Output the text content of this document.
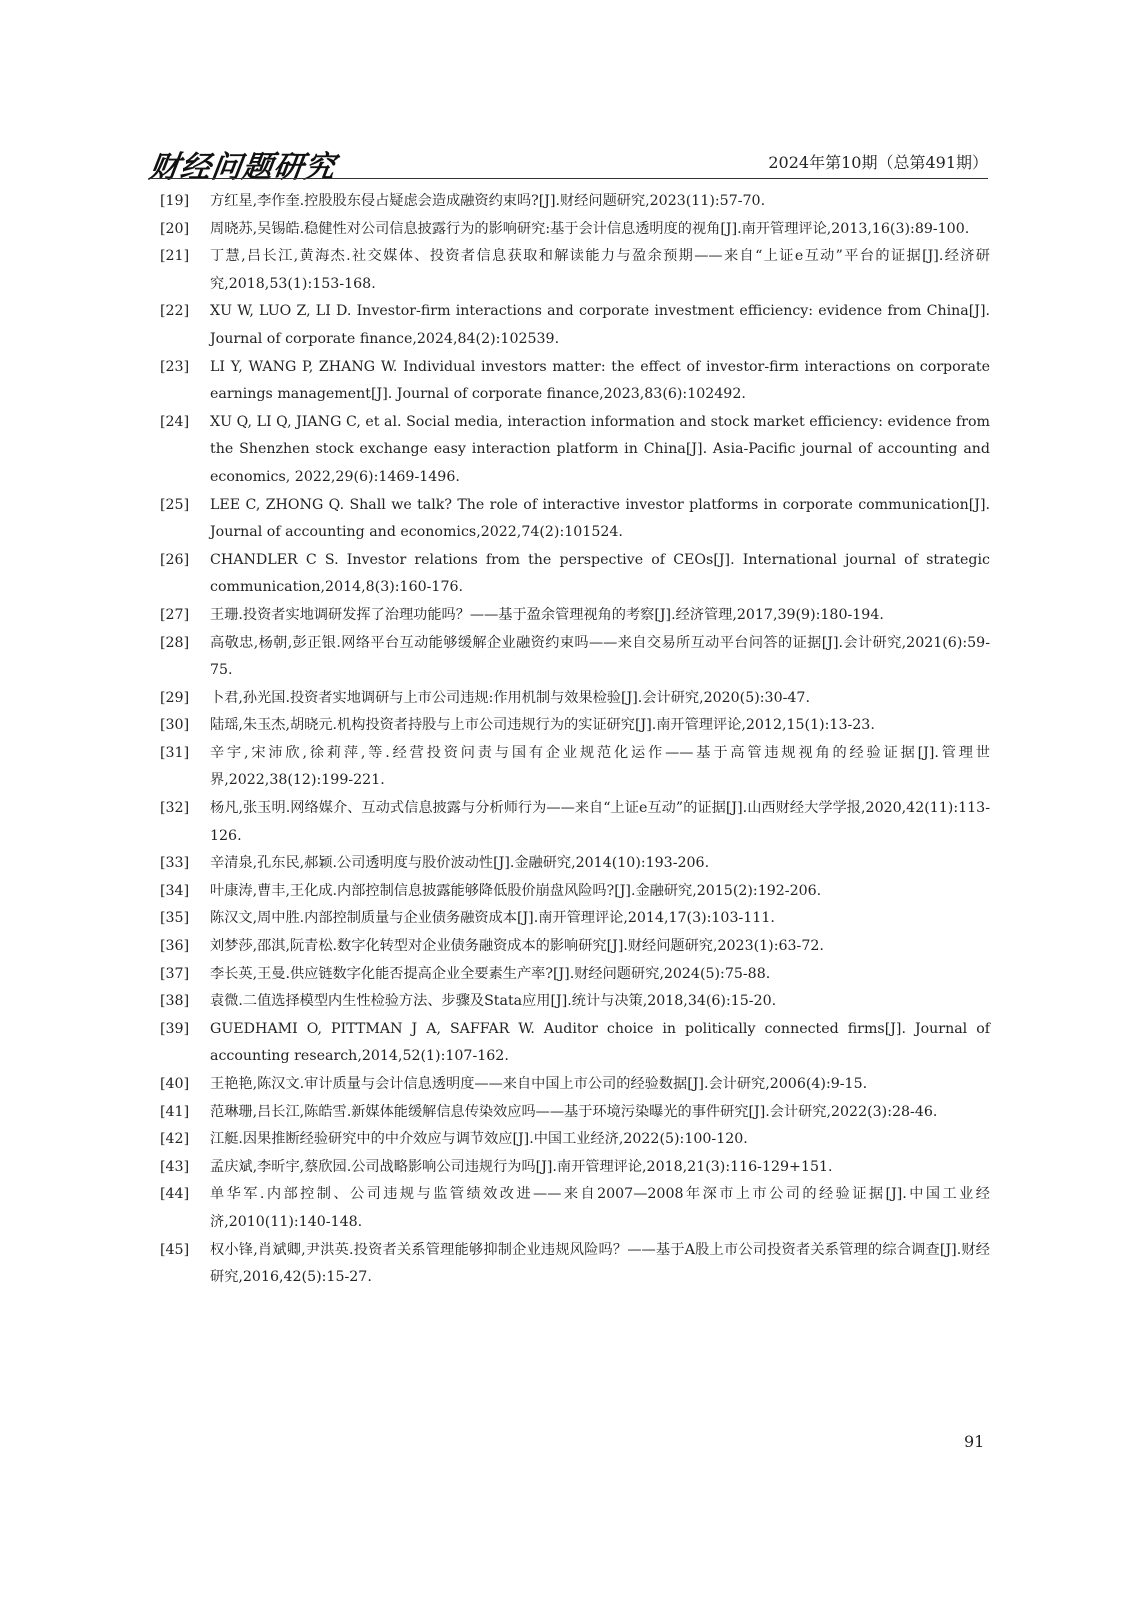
财经问题研究	2024年第10期（总第491期）
[19] 方红星,李作奎.控股股东侵占疑虑会造成融资约束吗?[J].财经问题研究,2023(11):57-70.
[20] 周晓苏,吴锡皓.稳健性对公司信息披露行为的影响研究:基于会计信息透明度的视角[J].南开管理评论,2013,16(3):89-100.
[21] 丁慧,吕长江,黄海杰.社交媒体、投资者信息获取和解读能力与盈余预期——来自“上证e互动”平台的证据[J].经济研究,2018,53(1):153-168.
[22] XU W, LUO Z, LI D. Investor-firm interactions and corporate investment efficiency: evidence from China[J]. Journal of corporate finance,2024,84(2):102539.
[23] LI Y, WANG P, ZHANG W. Individual investors matter: the effect of investor-firm interactions on corporate earnings management[J]. Journal of corporate finance,2023,83(6):102492.
[24] XU Q, LI Q, JIANG C, et al. Social media, interaction information and stock market efficiency: evidence from the Shenzhen stock exchange easy interaction platform in China[J]. Asia-Pacific journal of accounting and economics, 2022,29(6):1469-1496.
[25] LEE C, ZHONG Q. Shall we talk? The role of interactive investor platforms in corporate communication[J]. Journal of accounting and economics,2022,74(2):101524.
[26] CHANDLER C S. Investor relations from the perspective of CEOs[J]. International journal of strategic communication,2014,8(3):160-176.
[27] 王珊.投资者实地调研发挥了治理功能吗？——基于盈余管理视角的考察[J].经济管理,2017,39(9):180-194.
[28] 高敬忠,杨朝,彭正银.网络平台互动能够缓解企业融资约束吗——来自交易所互动平台问答的证据[J].会计研究,2021(6):59-75.
[29] 卜君,孙光国.投资者实地调研与上市公司违规:作用机制与效果检验[J].会计研究,2020(5):30-47.
[30] 陆瑶,朱玉杰,胡晓元.机构投资者持股与上市公司违规行为的实证研究[J].南开管理评论,2012,15(1):13-23.
[31] 辛宇,宋沛欣,徐莉萍,等.经营投资问责与国有企业规范化运作——基于高管违规视角的经验证据[J].管理世界,2022,38(12):199-221.
[32] 杨凡,张玉明.网络媒介、互动式信息披露与分析师行为——来自“上证e互动”的证据[J].山西财经大学学报,2020,42(11):113-126.
[33] 辛清泉,孔东民,郝颖.公司透明度与股价波动性[J].金融研究,2014(10):193-206.
[34] 叶康涛,曹丰,王化成.内部控制信息披露能够降低股价崩盘风险吗?[J].金融研究,2015(2):192-206.
[35] 陈汉文,周中胜.内部控制质量与企业债务融资成本[J].南开管理评论,2014,17(3):103-111.
[36] 刘梦莎,邵淇,阮青松.数字化转型对企业债务融资成本的影响研究[J].财经问题研究,2023(1):63-72.
[37] 李长英,王曼.供应链数字化能否提高企业全要素生产率?[J].财经问题研究,2024(5):75-88.
[38] 袁微.二值选择模型内生性检验方法、步骤及Stata应用[J].统计与决策,2018,34(6):15-20.
[39] GUEDHAMI O, PITTMAN J A, SAFFAR W. Auditor choice in politically connected firms[J]. Journal of accounting research,2014,52(1):107-162.
[40] 王艳艳,陈汉文.审计质量与会计信息透明度——来自中国上市公司的经验数据[J].会计研究,2006(4):9-15.
[41] 范琳珊,吕长江,陈皓雪.新媒体能缓解信息传染效应吗——基于环境污染曝光的事件研究[J].会计研究,2022(3):28-46.
[42] 江艇.因果推断经验研究中的中介效应与调节效应[J].中国工业经济,2022(5):100-120.
[43] 孟庆斌,李昕宇,蔡欣园.公司战略影响公司违规行为吗[J].南开管理评论,2018,21(3):116-129+151.
[44] 单华军.内部控制、公司违规与监管绩效改进——来自2007—2008年深市上市公司的经验证据[J].中国工业经济,2010(11):140-148.
[45] 权小锋,肖斌卿,尹洪英.投资者关系管理能够抑制企业违规风险吗？——基于A股上市公司投资者关系管理的综合调查[J].财经研究,2016,42(5):15-27.
91
